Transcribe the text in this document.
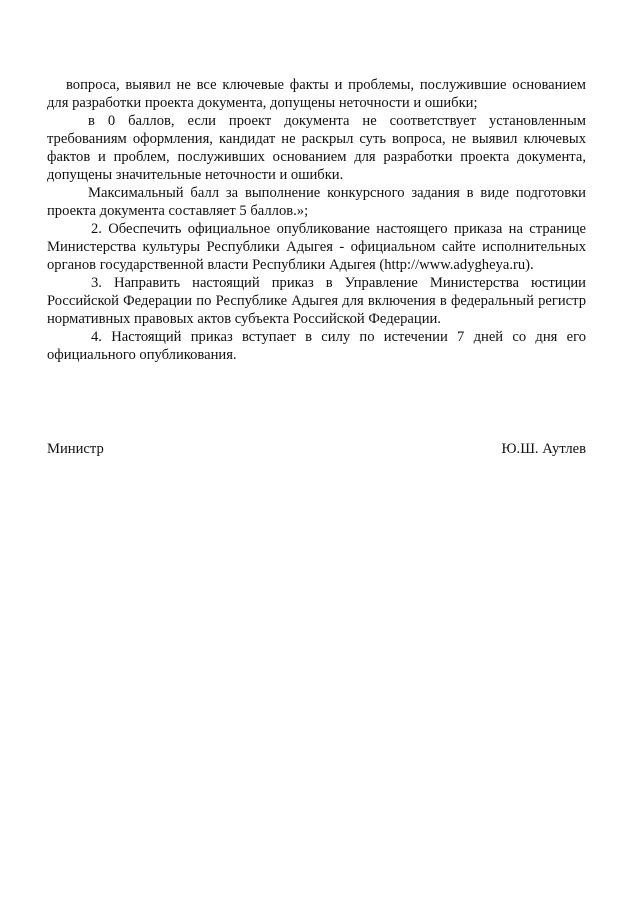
вопроса, выявил не все ключевые факты и проблемы, послужившие основанием для разработки проекта документа, допущены неточности и ошибки;

в 0 баллов, если проект документа не соответствует установленным требованиям оформления, кандидат не раскрыл суть вопроса, не выявил ключевых фактов и проблем, послуживших основанием для разработки проекта документа, допущены значительные неточности и ошибки.

Максимальный балл за выполнение конкурсного задания в виде подготовки проекта документа составляет 5 баллов.»;

2. Обеспечить официальное опубликование настоящего приказа на странице Министерства культуры Республики Адыгея - официальном сайте исполнительных органов государственной власти Республики Адыгея (http://www.adygheya.ru).

3. Направить настоящий приказ в Управление Министерства юстиции Российской Федерации по Республике Адыгея для включения в федеральный регистр нормативных правовых актов субъекта Российской Федерации.

4. Настоящий приказ вступает в силу по истечении 7 дней со дня его официального опубликования.

Министр	Ю.Ш. Аутлев
